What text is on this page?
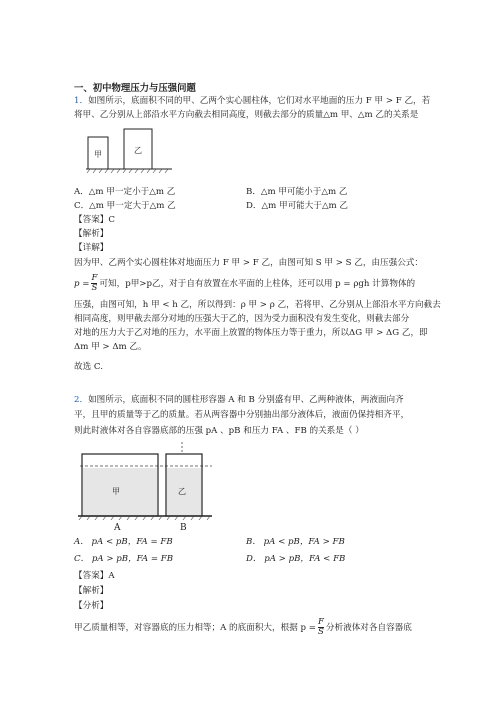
一、初中物理压力与压强问题
1．如图所示，底面积不同的甲、乙两个实心圆柱体，它们对水平地面的压力 F 甲 > F 乙，若
将甲、乙分别从上部沿水平方向截去相同高度，则截去部分的质量△m 甲、△m 乙的关系是
甲	乙
A．△m 甲一定小于△m 乙	B．△m 甲可能小于△m 乙
C．△m 甲一定大于△m 乙	D．△m 甲可能大于△m 乙
【答案】C
【解析】
【详解】
因为甲、乙两个实心圆柱体对地面压力 F 甲 > F 乙，由图可知 S 甲 > S 乙，由压强公式：
$p = \frac{F}{S}$ 可知，p甲>p乙，对于自有放置在水平面的上柱体，还可以用 p = ρgh 计算物体的
压强，由图可知，h 甲 < h 乙，所以得到：ρ 甲 > ρ 乙，若将甲、乙分别从上部沿水平方向截去
相同高度，则甲截去部分对地的压强大于乙的，因为受力面积没有发生变化，则截去部分
对地的压力大于乙对地的压力，水平面上放置的物体压力等于重力，所以ΔG 甲 > ΔG 乙，即
Δm 甲 > Δm 乙。
故选 C.
2．如图所示，底面积不同的圆柱形容器 A 和 B 分别盛有甲、乙两种液体，两液面向齐
平，且甲的质量等于乙的质量。若从两容器中分别抽出部分液体后，液面仍保持相齐平，
则此时液体对各自容器底部的压强 pA 、pB 和压力 FA 、FB 的关系是（ ）
甲	乙
A	B
A． pA < pB，FA = FB	B． pA < pB，FA > FB
C． pA > pB，FA = FB	D． pA > pB，FA < FB
【答案】A
【解析】
【分析】
甲乙质量相等，对容器底的压力相等；A 的底面积大，根据 $p = \frac{F}{S}$ 分析液体对各自容器底
